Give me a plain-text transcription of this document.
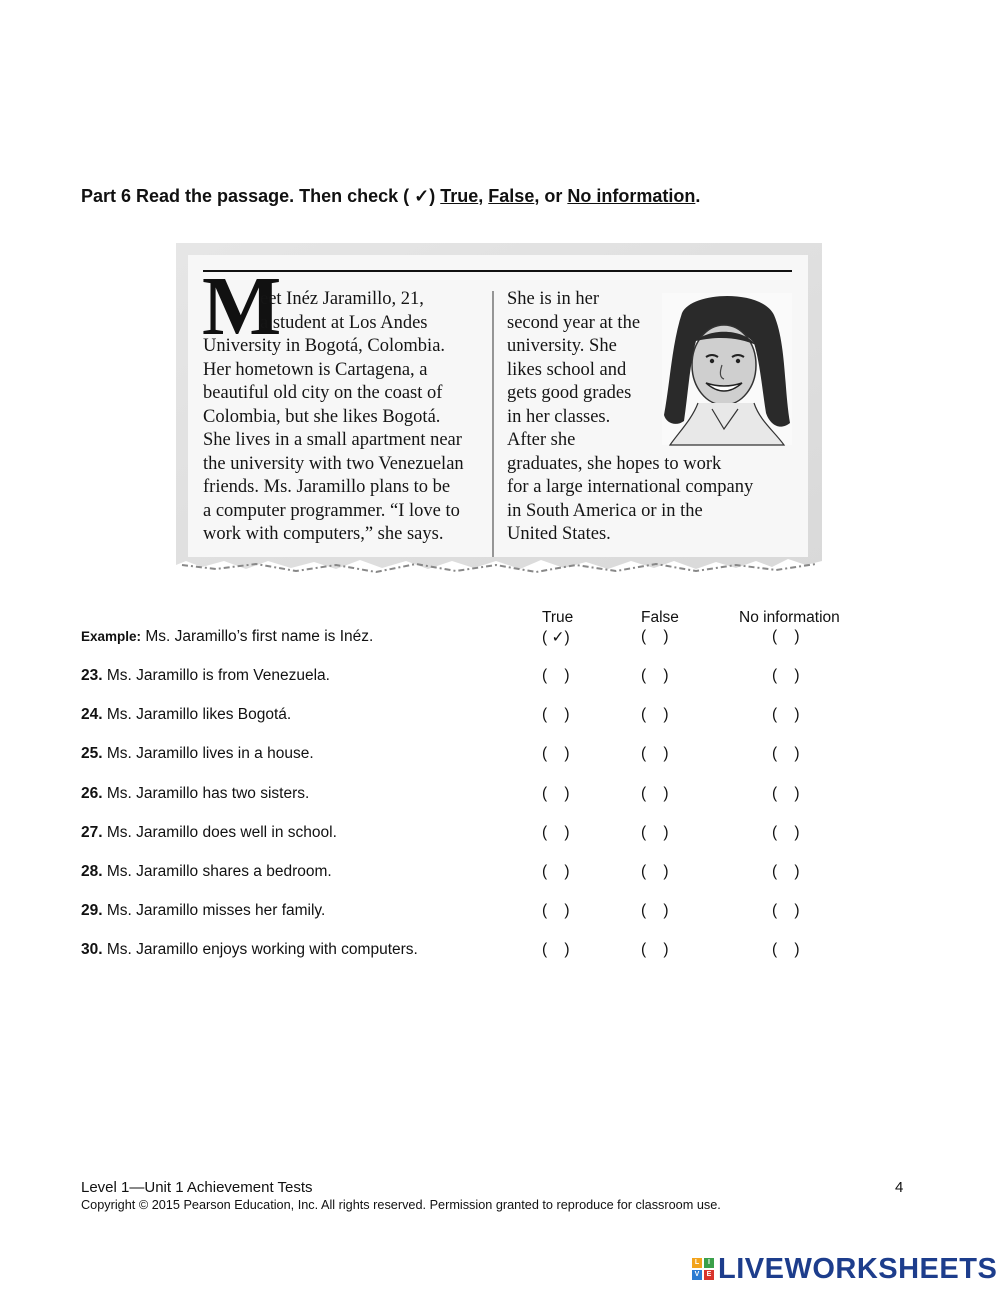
Part 6 Read the passage. Then check ( ✓) True, False, or No information.
M
eet Inéz Jaramillo, 21,
a student at Los Andes
University in Bogotá, Colombia.
Her hometown is Cartagena, a
beautiful old city on the coast of
Colombia, but she likes Bogotá.
She lives in a small apartment near
the university with two Venezuelan
friends. Ms. Jaramillo plans to be
a computer programmer. “I love to
work with computers,” she says.
She is in her
second year at the
university. She
likes school and
gets good grades
in her classes.
After she
graduates, she hopes to work
for a large international company
in South America or in the
United States.
True	False	No information
Example: Ms. Jaramillo’s first name is Inéz.	( ✓)	(    )	(    )
23. Ms. Jaramillo is from Venezuela.	(    )	(    )	(    )
24. Ms. Jaramillo likes Bogotá.	(    )	(    )	(    )
25. Ms. Jaramillo lives in a house.	(    )	(    )	(    )
26. Ms. Jaramillo has two sisters.	(    )	(    )	(    )
27. Ms. Jaramillo does well in school.	(    )	(    )	(    )
28. Ms. Jaramillo shares a bedroom.	(    )	(    )	(    )
29. Ms. Jaramillo misses her family.	(    )	(    )	(    )
30. Ms. Jaramillo enjoys working with computers.	(    )	(    )	(    )
Level 1—Unit 1 Achievement Tests	4
Copyright © 2015 Pearson Education, Inc. All rights reserved. Permission granted to reproduce for classroom use.
L	I
V	E LIVEWORKSHEETS
